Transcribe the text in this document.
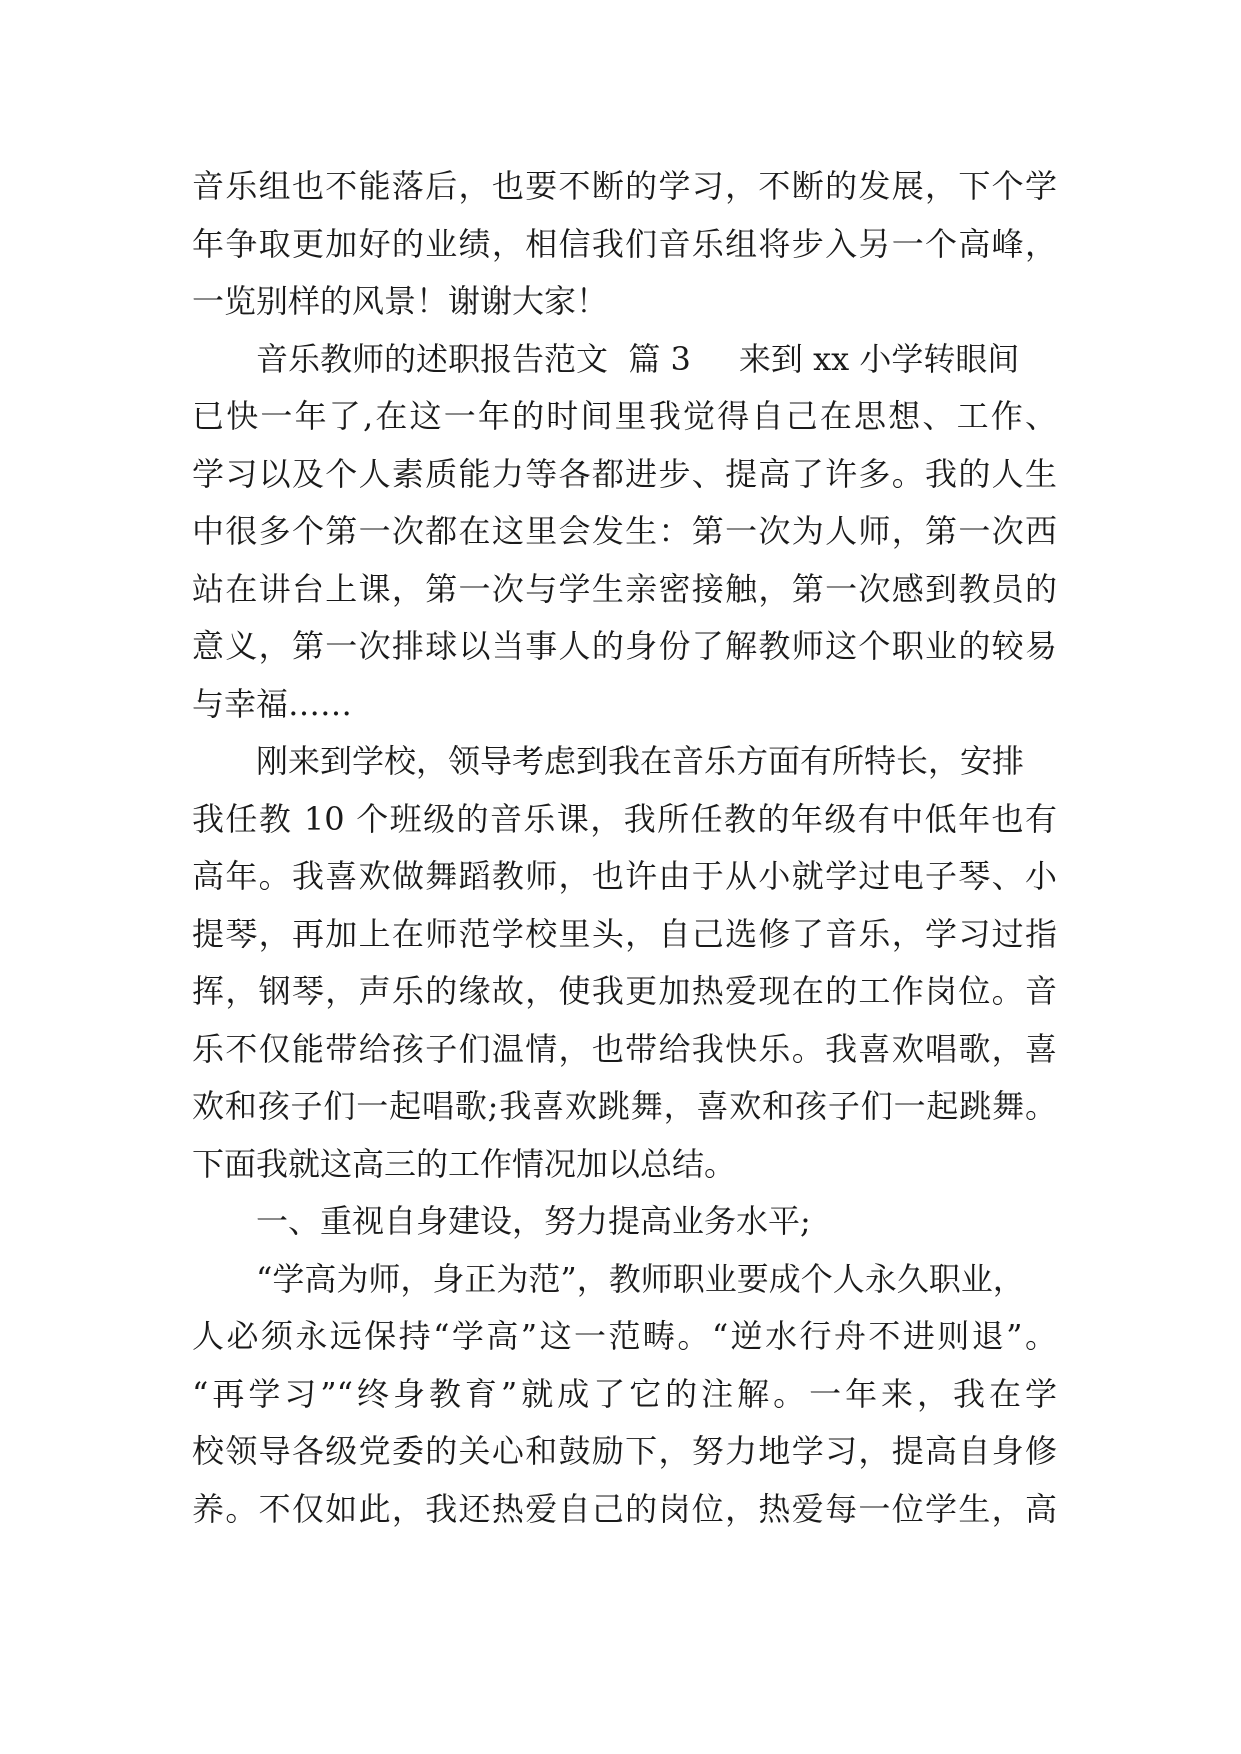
音乐组也不能落后，也要不断的学习，不断的发展，下个学
年争取更加好的业绩，相信我们音乐组将步入另一个高峰，
一览别样的风景！谢谢大家！
音乐教师的述职报告范文  篇 3 来到 xx 小学转眼间
已快一年了,在这一年的时间里我觉得自己在思想、工作、
学习以及个人素质能力等各都进步、提高了许多。我的人生
中很多个第一次都在这里会发生：第一次为人师，第一次西
站在讲台上课，第一次与学生亲密接触，第一次感到教员的
意义，第一次排球以当事人的身份了解教师这个职业的较易
与幸福……
刚来到学校，领导考虑到我在音乐方面有所特长，安排
我任教 10 个班级的音乐课，我所任教的年级有中低年也有
高年。我喜欢做舞蹈教师，也许由于从小就学过电子琴、小
提琴，再加上在师范学校里头，自己选修了音乐，学习过指
挥，钢琴，声乐的缘故，使我更加热爱现在的工作岗位。音
乐不仅能带给孩子们温情，也带给我快乐。我喜欢唱歌，喜
欢和孩子们一起唱歌;我喜欢跳舞，喜欢和孩子们一起跳舞。
下面我就这高三的工作情况加以总结。
一、重视自身建设，努力提高业务水平;
“学高为师，身正为范”，教师职业要成个人永久职业，
人必须永远保持“学高”这一范畴。“逆水行舟不进则退”。
“再学习”“终身教育”就成了它的注解。一年来，我在学
校领导各级党委的关心和鼓励下，努力地学习，提高自身修
养。不仅如此，我还热爱自己的岗位，热爱每一位学生，高
